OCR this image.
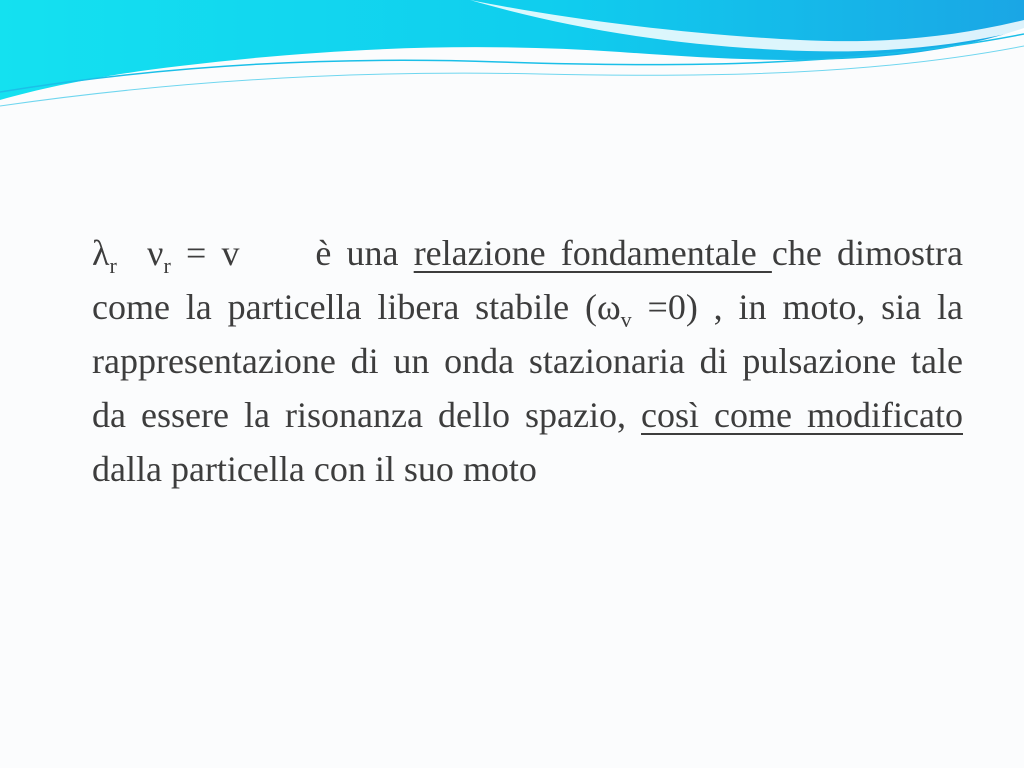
$\lambda_r$ $\nu_r = v$     è una relazione fondamentale che dimostra come la particella libera stabile $(\omega_v =0)$ , in moto, sia la rappresentazione di un onda stazionaria di pulsazione tale da essere la risonanza dello spazio, così come modificato dalla particella con il suo moto
